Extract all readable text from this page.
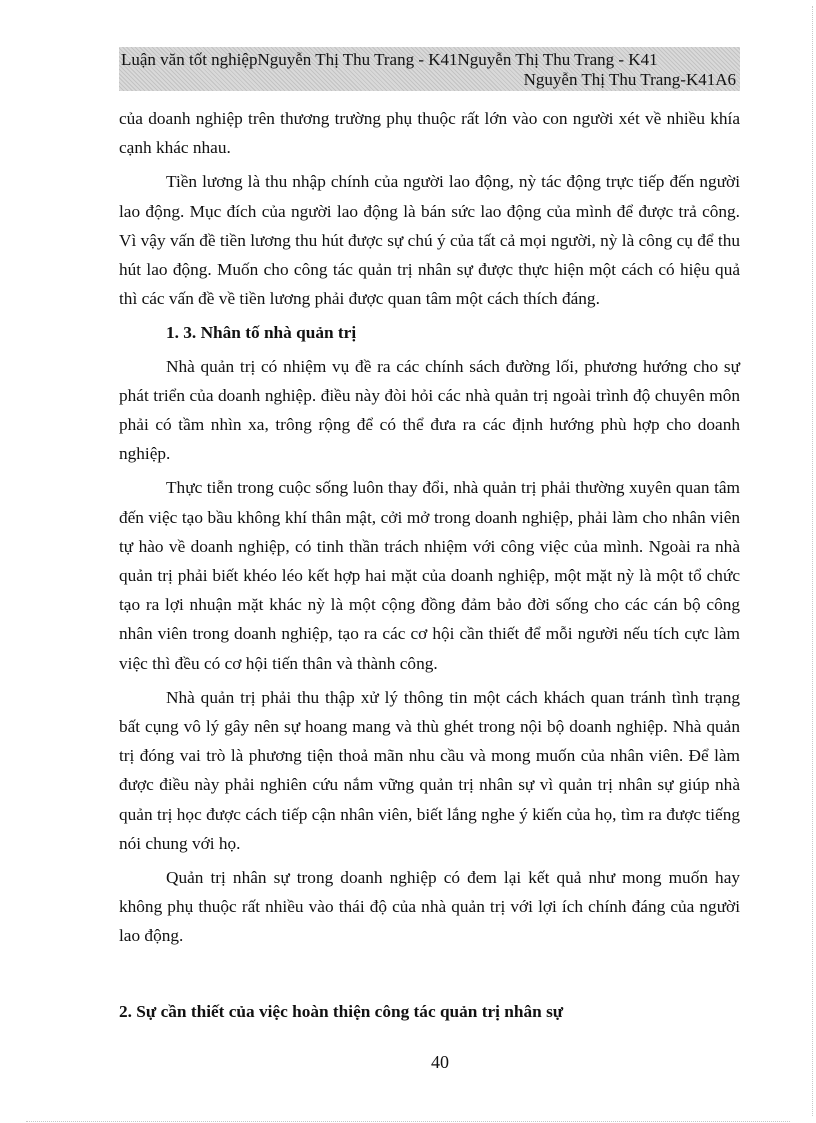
Luận văn tốt nghiệpNguyễn Thị Thu Trang - K41Nguyễn Thị Thu Trang - K41
Nguyễn Thị Thu Trang-K41A6

của doanh nghiệp trên thương trường phụ thuộc rất lớn vào con người xét về nhiều khía cạnh khác nhau.

Tiền lương là thu nhập chính của người lao động, nỳ tác động trực tiếp đến người lao động. Mục đích của người lao động là bán sức lao động của mình để được trả công. Vì vậy vấn đề tiền lương thu hút được sự chú ý của tất cả mọi người, nỳ là công cụ để thu hút lao động. Muốn cho công tác quản trị nhân sự được thực hiện một cách có hiệu quả thì các vấn đề về tiền lương phải được quan tâm một cách thích đáng.

1. 3. Nhân tố nhà quản trị

Nhà quản trị có nhiệm vụ đề ra các chính sách đường lối, phương hướng cho sự phát triển của doanh nghiệp. điều này đòi hỏi các nhà quản trị ngoài trình độ chuyên môn phải có tầm nhìn xa, trông rộng để có thể đưa ra các định hướng phù hợp cho doanh nghiệp.

Thực tiễn trong cuộc sống luôn thay đổi, nhà quản trị phải thường xuyên quan tâm đến việc tạo bầu không khí thân mật, cởi mở trong doanh nghiệp, phải làm cho nhân viên tự hào về doanh nghiệp, có tinh thần trách nhiệm với công việc của mình. Ngoài ra nhà quản trị phải biết khéo léo kết hợp hai mặt của doanh nghiệp, một mặt nỳ là một tổ chức tạo ra lợi nhuận mặt khác nỳ là một cộng đồng đảm bảo đời sống cho các cán bộ công nhân viên trong doanh nghiệp, tạo ra các cơ hội cần thiết để mỗi người nếu tích cực làm việc thì đều có cơ hội tiến thân và thành công.

Nhà quản trị phải thu thập xử lý thông tin một cách khách quan tránh tình trạng bất cụng vô lý gây nên sự hoang mang và thù ghét trong nội bộ doanh nghiệp. Nhà quản trị đóng vai trò là phương tiện thoả mãn nhu cầu và mong muốn của nhân viên. Để làm được điều này phải nghiên cứu nắm vững quản trị nhân sự vì quản trị nhân sự giúp nhà quản trị học được cách tiếp cận nhân viên, biết lắng nghe ý kiến của họ, tìm ra được tiếng nói chung với họ.

Quản trị nhân sự trong doanh nghiệp có đem lại kết quả như mong muốn hay không phụ thuộc rất nhiều vào thái độ của nhà quản trị với lợi ích chính đáng của người lao động.

2. Sự cần thiết của việc hoàn thiện công tác quản trị nhân sự
40
